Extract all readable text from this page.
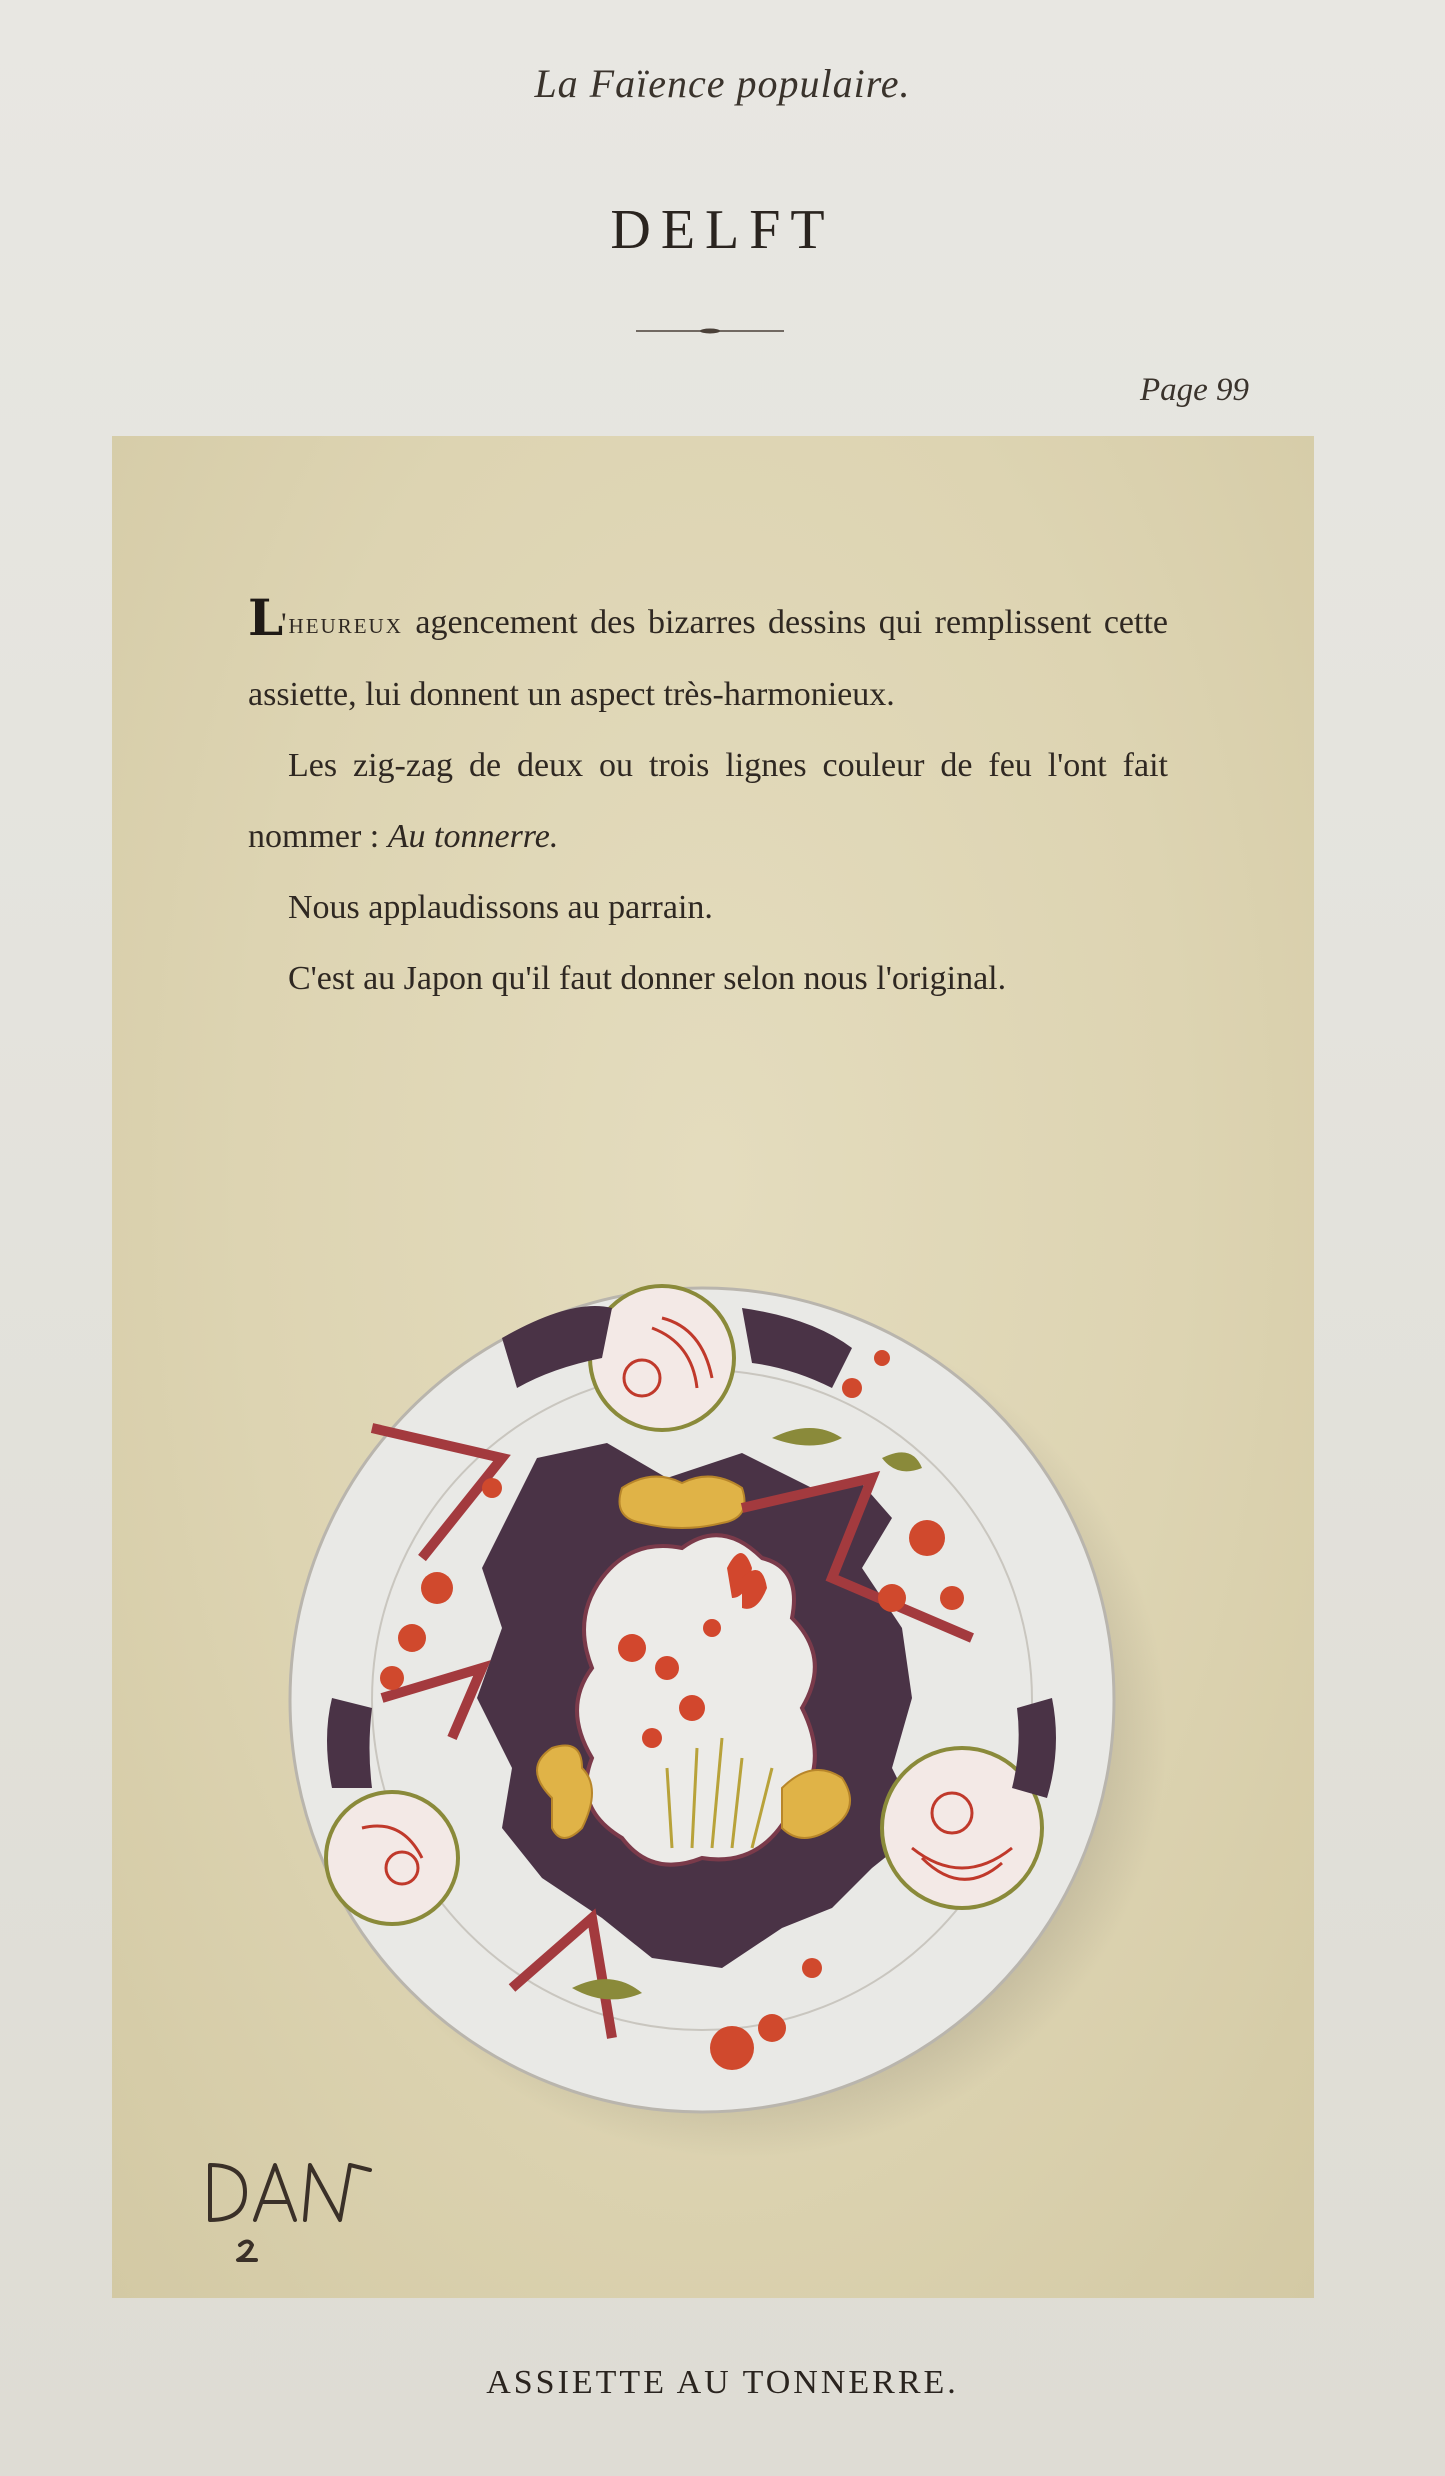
La Faïence populaire.
DELFT
Page 99

L'heureux agencement des bizarres dessins qui remplissent cette assiette, lui donnent un aspect très-harmonieux.

Les zig-zag de deux ou trois lignes couleur de feu l'ont fait nommer : Au tonnerre.

Nous applaudissons au parrain.

C'est au Japon qu'il faut donner selon nous l'original.

ASSIETTE AU TONNERRE.
